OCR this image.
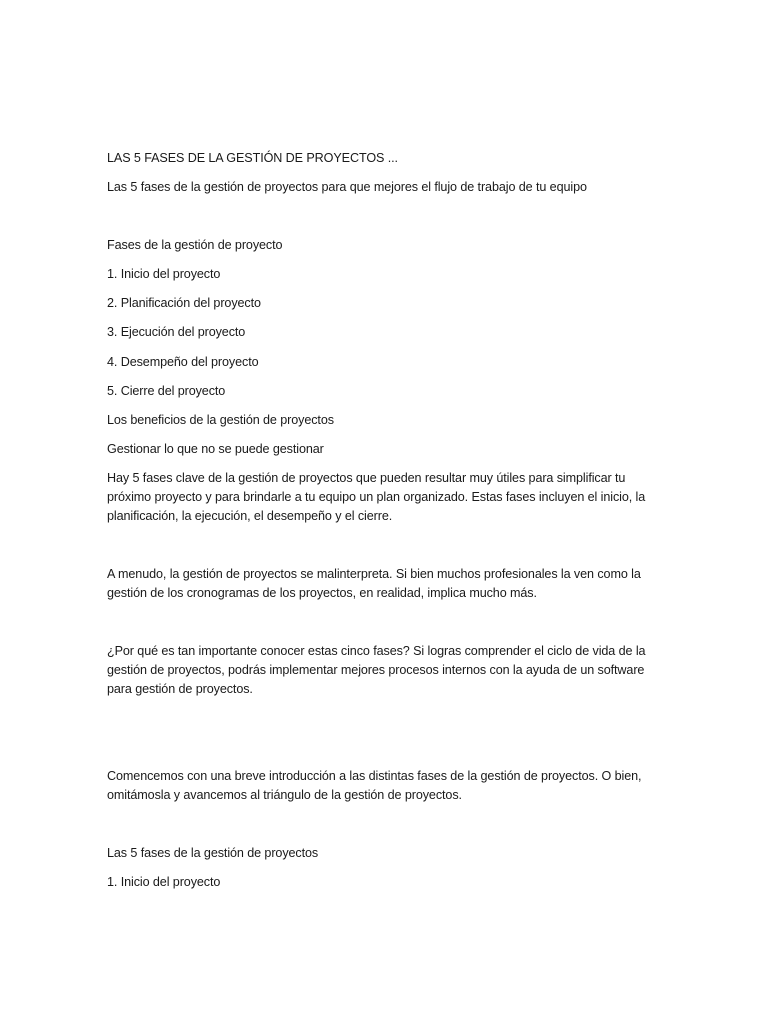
LAS 5 FASES DE LA GESTIÓN DE PROYECTOS ...

Las 5 fases de la gestión de proyectos para que mejores el flujo de trabajo de tu equipo

Fases de la gestión de proyecto

1. Inicio del proyecto

2. Planificación del proyecto

3. Ejecución del proyecto

4. Desempeño del proyecto

5. Cierre del proyecto

Los beneficios de la gestión de proyectos

Gestionar lo que no se puede gestionar

Hay 5 fases clave de la gestión de proyectos que pueden resultar muy útiles para simplificar tu

próximo proyecto y para brindarle a tu equipo un plan organizado. Estas fases incluyen el inicio, la

planificación, la ejecución, el desempeño y el cierre.

A menudo, la gestión de proyectos se malinterpreta. Si bien muchos profesionales la ven como la

gestión de los cronogramas de los proyectos, en realidad, implica mucho más.

¿Por qué es tan importante conocer estas cinco fases? Si logras comprender el ciclo de vida de la

gestión de proyectos, podrás implementar mejores procesos internos con la ayuda de un software

para gestión de proyectos.

Comencemos con una breve introducción a las distintas fases de la gestión de proyectos. O bien,

omitámosla y avancemos al triángulo de la gestión de proyectos.

Las 5 fases de la gestión de proyectos

1. Inicio del proyecto
